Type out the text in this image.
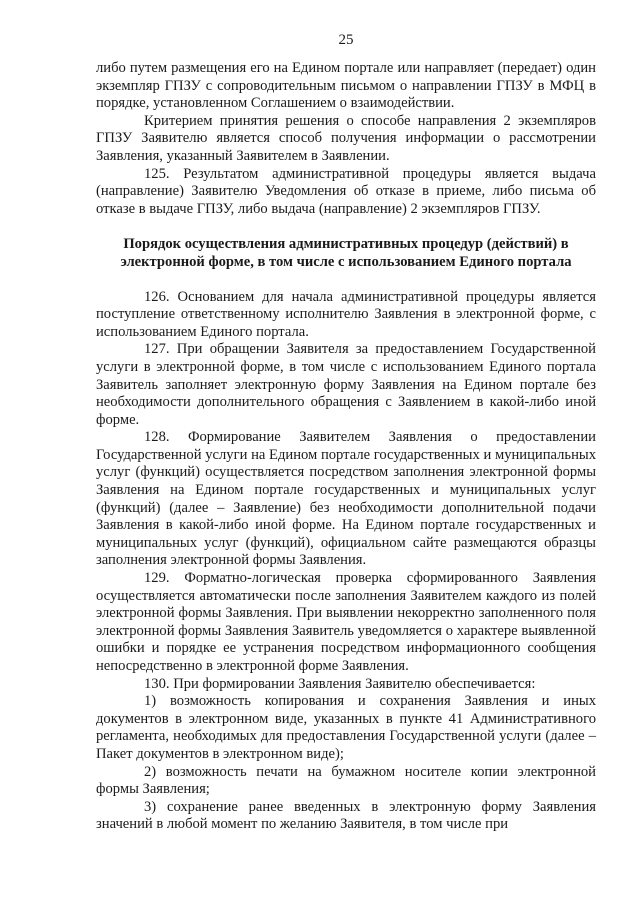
25

либо путем размещения его на Едином портале или направляет (передает) один экземпляр ГПЗУ с сопроводительным письмом о направлении ГПЗУ в МФЦ в порядке, установленном Соглашением о взаимодействии.

Критерием принятия решения о способе направления 2 экземпляров ГПЗУ Заявителю является способ получения информации о рассмотрении Заявления, указанный Заявителем в Заявлении.

125. Результатом административной процедуры является выдача (направление) Заявителю Уведомления об отказе в приеме, либо письма об отказе в выдаче ГПЗУ, либо выдача (направление) 2 экземпляров ГПЗУ.

Порядок осуществления административных процедур (действий) в электронной форме, в том числе с использованием Единого портала

126. Основанием для начала административной процедуры является поступление ответственному исполнителю Заявления в электронной форме, с использованием Единого портала.

127. При обращении Заявителя за предоставлением Государственной услуги в электронной форме, в том числе с использованием Единого портала Заявитель заполняет электронную форму Заявления на Едином портале без необходимости дополнительного обращения с Заявлением в какой-либо иной форме.

128. Формирование Заявителем Заявления о предоставлении Государственной услуги на Едином портале государственных и муниципальных услуг (функций) осуществляется посредством заполнения электронной формы Заявления на Едином портале государственных и муниципальных услуг (функций) (далее – Заявление) без необходимости дополнительной подачи Заявления в какой-либо иной форме. На Едином портале государственных и муниципальных услуг (функций), официальном сайте размещаются образцы заполнения электронной формы Заявления.

129. Форматно-логическая проверка сформированного Заявления осуществляется автоматически после заполнения Заявителем каждого из полей электронной формы Заявления. При выявлении некорректно заполненного поля электронной формы Заявления Заявитель уведомляется о характере выявленной ошибки и порядке ее устранения посредством информационного сообщения непосредственно в электронной форме Заявления.

130. При формировании Заявления Заявителю обеспечивается:

1) возможность копирования и сохранения Заявления и иных документов в электронном виде, указанных в пункте 41 Административного регламента, необходимых для предоставления Государственной услуги (далее – Пакет документов в электронном виде);

2) возможность печати на бумажном носителе копии электронной формы Заявления;

3) сохранение ранее введенных в электронную форму Заявления значений в любой момент по желанию Заявителя, в том числе при
